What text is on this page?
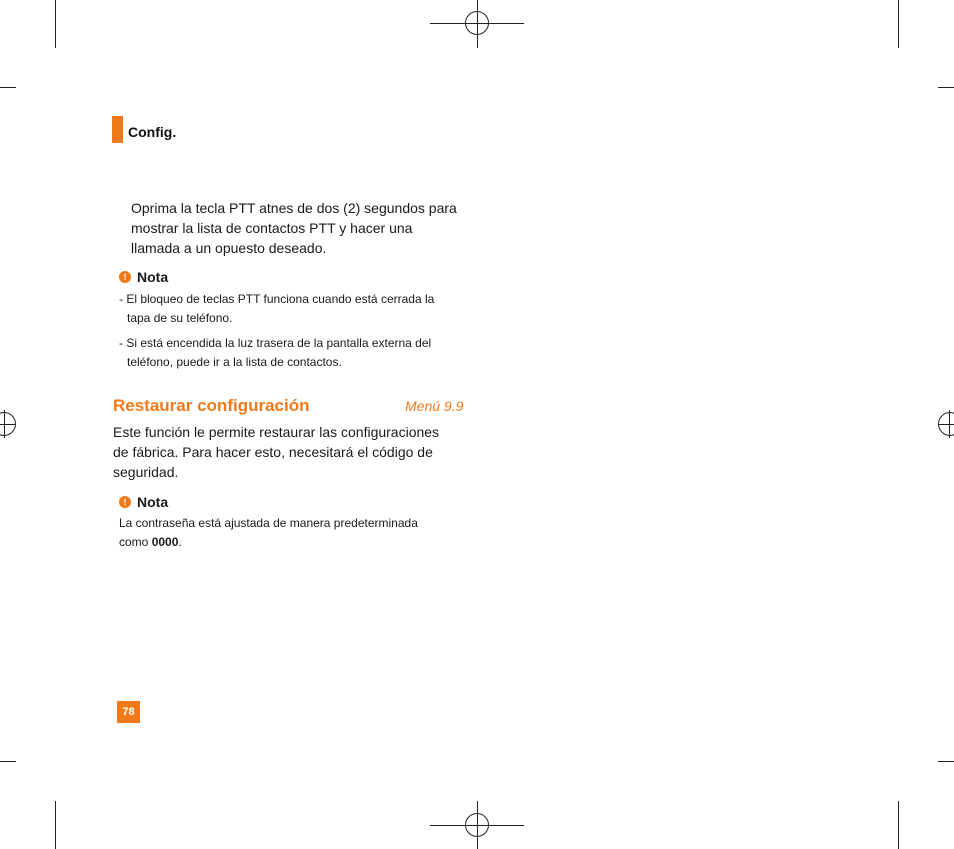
Config.
Oprima la tecla PTT atnes de dos (2) segundos para
mostrar la lista de contactos PTT y hacer una
llamada a un opuesto deseado.
! Nota
- El bloqueo de teclas PTT funciona cuando está cerrada la
tapa de su teléfono.
- Si está encendida la luz trasera de la pantalla externa del
teléfono, puede ir a la lista de contactos.
Restaurar configuración	Menú 9.9
Este función le permite restaurar las configuraciones
de fábrica. Para hacer esto, necesitará el código de
seguridad.
! Nota
La contraseña está ajustada de manera predeterminada
como 0000.
78
